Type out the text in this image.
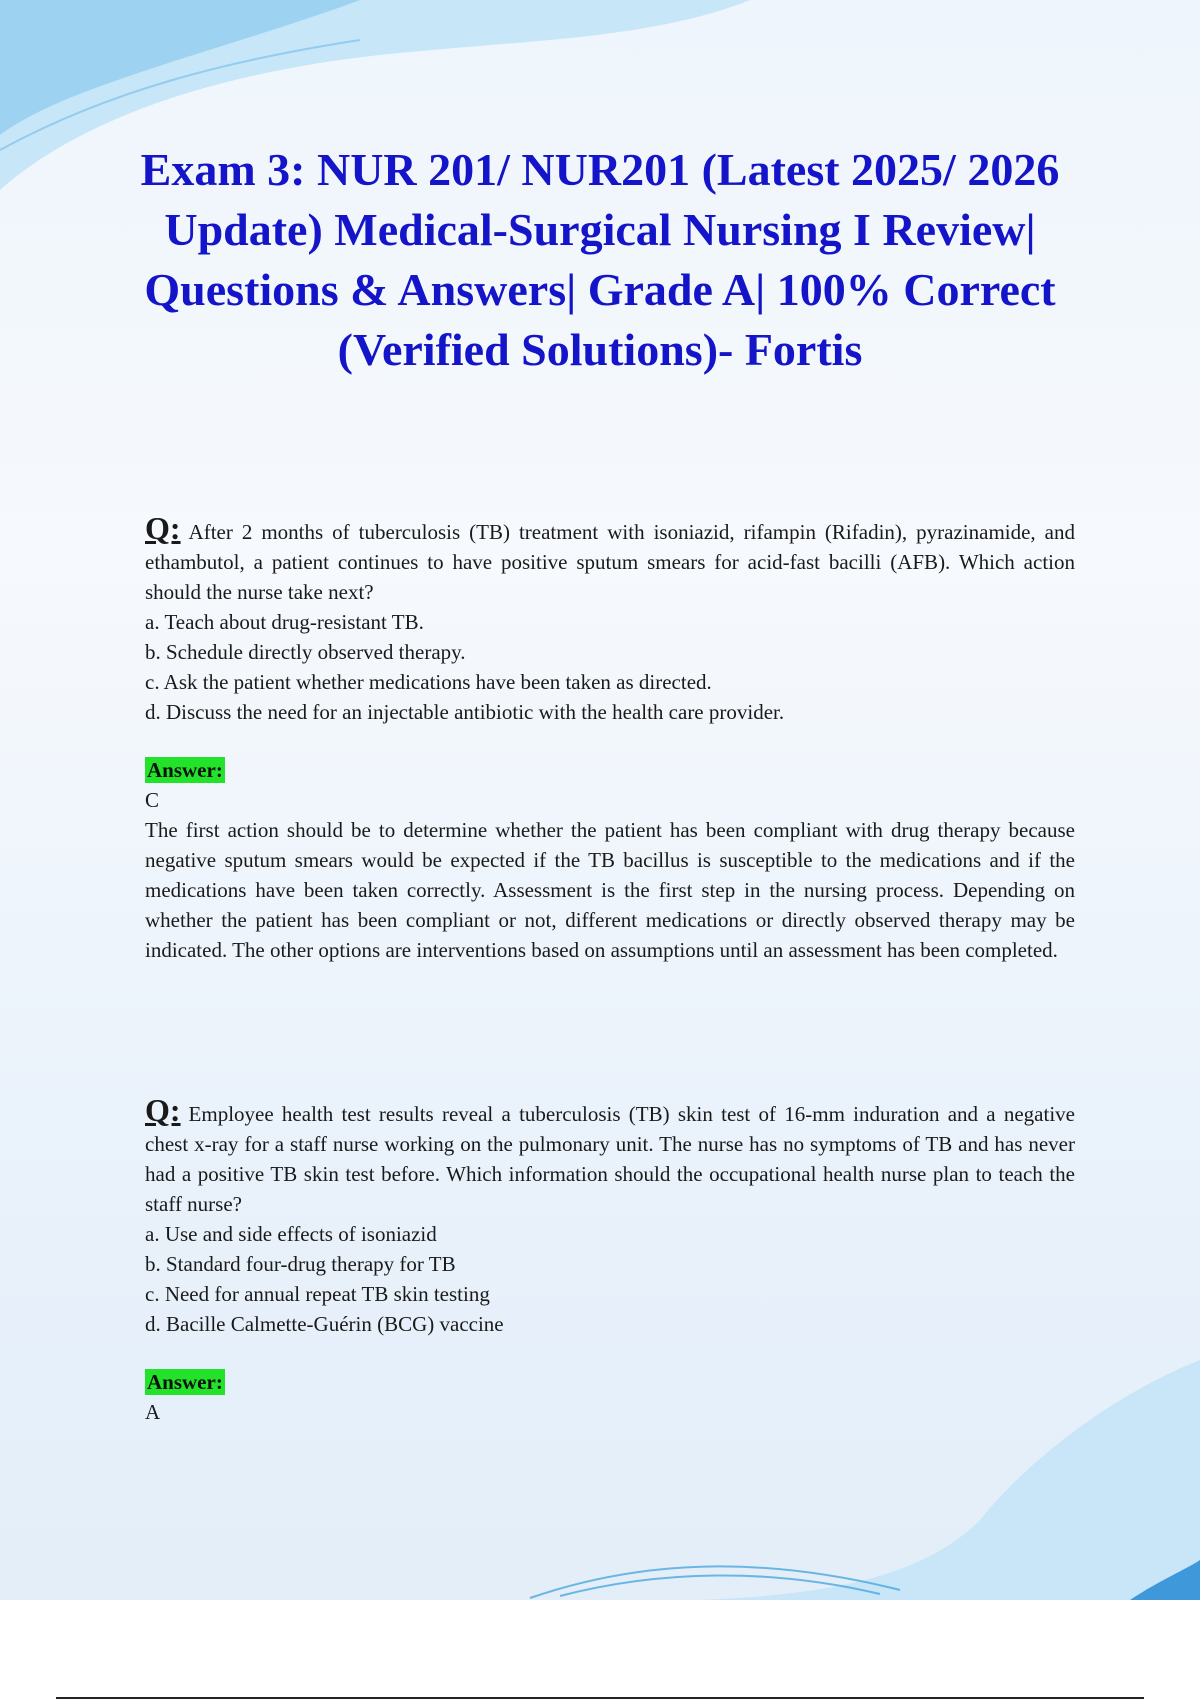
Exam 3: NUR 201/ NUR201 (Latest 2025/ 2026 Update) Medical-Surgical Nursing I Review| Questions & Answers| Grade A| 100% Correct (Verified Solutions)- Fortis

Q: After 2 months of tuberculosis (TB) treatment with isoniazid, rifampin (Rifadin), pyrazinamide, and ethambutol, a patient continues to have positive sputum smears for acid-fast bacilli (AFB). Which action should the nurse take next?

a. Teach about drug-resistant TB.
b. Schedule directly observed therapy.
c. Ask the patient whether medications have been taken as directed.
d. Discuss the need for an injectable antibiotic with the health care provider.
Answer:
C

The first action should be to determine whether the patient has been compliant with drug therapy because negative sputum smears would be expected if the TB bacillus is susceptible to the medications and if the medications have been taken correctly. Assessment is the first step in the nursing process. Depending on whether the patient has been compliant or not, different medications or directly observed therapy may be indicated. The other options are interventions based on assumptions until an assessment has been completed.

Q: Employee health test results reveal a tuberculosis (TB) skin test of 16-mm induration and a negative chest x-ray for a staff nurse working on the pulmonary unit. The nurse has no symptoms of TB and has never had a positive TB skin test before. Which information should the occupational health nurse plan to teach the staff nurse?

a. Use and side effects of isoniazid
b. Standard four-drug therapy for TB
c. Need for annual repeat TB skin testing
d. Bacille Calmette-Guérin (BCG) vaccine
Answer:
A
